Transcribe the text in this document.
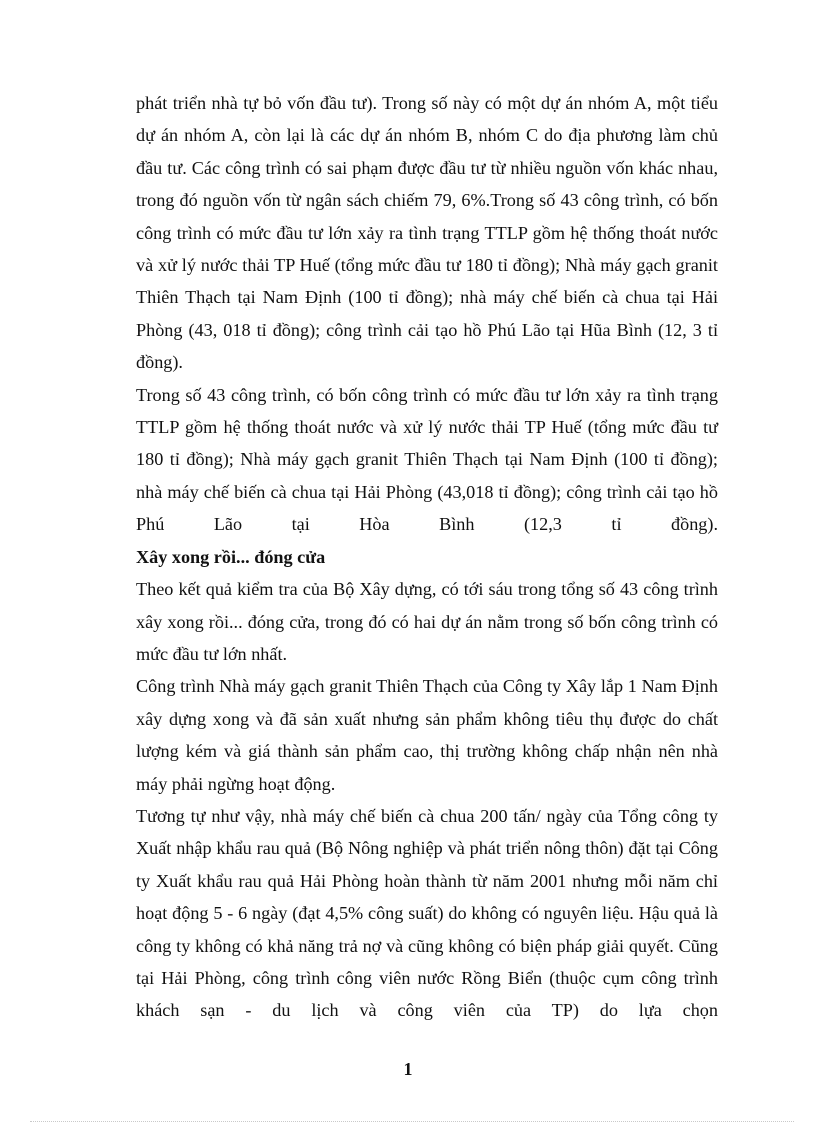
phát triển nhà tự bỏ vốn đầu tư). Trong số này có một dự án nhóm A, một tiểu dự án nhóm A, còn lại là các dự án nhóm B, nhóm C do địa phương làm chủ đầu tư. Các công trình có sai phạm được đầu tư từ nhiều nguồn vốn khác nhau, trong đó nguồn vốn từ ngân sách chiếm 79, 6%.Trong số 43 công trình, có bốn công trình có mức đầu tư lớn xảy ra tình trạng TTLP gồm hệ thống thoát nước và xử lý nước thải TP Huế (tổng mức đầu tư 180 tỉ đồng); Nhà máy gạch granit Thiên Thạch tại Nam Định (100 tỉ đồng); nhà máy chế biến cà chua tại Hải Phòng (43, 018 tỉ đồng); công trình cải tạo hồ Phú Lão tại Hũa Bình (12, 3 tỉ đồng).

Trong số 43 công trình, có bốn công trình có mức đầu tư lớn xảy ra tình trạng TTLP gồm hệ thống thoát nước và xử lý nước thải TP Huế (tổng mức đầu tư 180 tỉ đồng); Nhà máy gạch granit Thiên Thạch tại Nam Định (100 tỉ đồng); nhà máy chế biến cà chua tại Hải Phòng (43,018 tỉ đồng); công trình cải tạo hồ Phú Lão tại Hòa Bình (12,3 tỉ đồng).

Xây xong rồi... đóng cửa

Theo kết quả kiểm tra của Bộ Xây dựng, có tới sáu trong tổng số 43 công trình xây xong rồi... đóng cửa, trong đó có hai dự án nằm trong số bốn công trình có mức đầu tư lớn nhất.

Công trình Nhà máy gạch granit Thiên Thạch của Công ty Xây lắp 1 Nam Định xây dựng xong và đã sản xuất nhưng sản phẩm không tiêu thụ được do chất lượng kém và giá thành sản phẩm cao, thị trường không chấp nhận nên nhà máy phải ngừng hoạt động.

Tương tự như vậy, nhà máy chế biến cà chua 200 tấn/ ngày của Tổng công ty Xuất nhập khẩu rau quả (Bộ Nông nghiệp và phát triển nông thôn) đặt tại Công ty Xuất khẩu rau quả Hải Phòng hoàn thành từ năm 2001 nhưng mỗi năm chỉ hoạt động 5 - 6 ngày (đạt 4,5% công suất) do không có nguyên liệu. Hậu quả là công ty không có khả năng trả nợ và cũng không có biện pháp giải quyết. Cũng tại Hải Phòng, công trình công viên nước Rồng Biển (thuộc cụm công trình khách sạn - du lịch và công viên của TP) do lựa chọn

1
